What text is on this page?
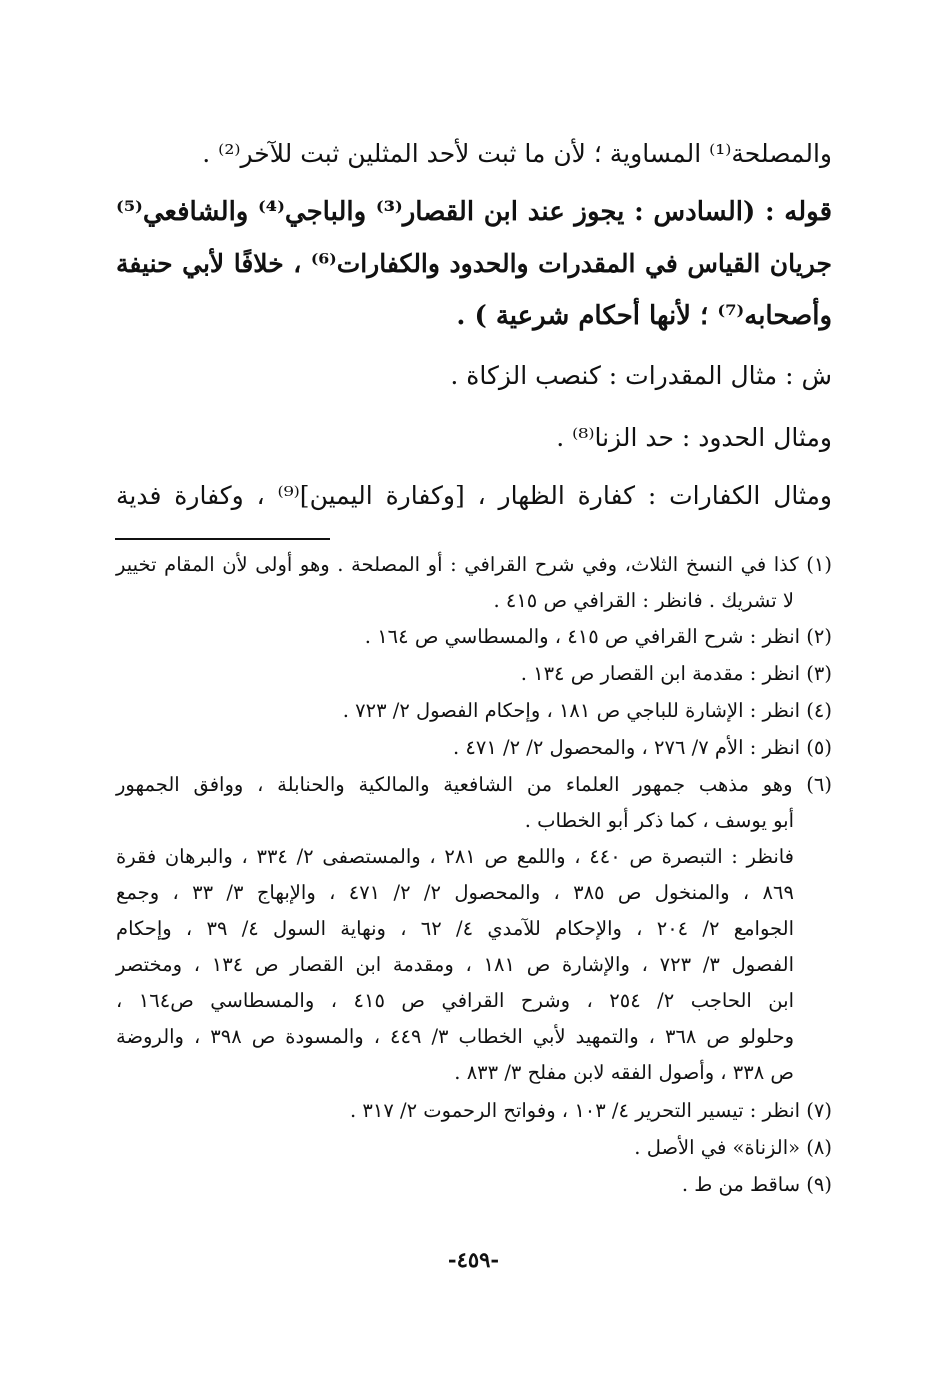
والمصلحة⁽¹⁾ المساوية ؛ لأن ما ثبت لأحد المثلين ثبت للآخر⁽²⁾ .
قوله : (السادس : يجوز عند ابن القصار⁽³⁾ والباجي⁽⁴⁾ والشافعي⁽⁵⁾
جريان القياس في المقدرات والحدود والكفارات⁽⁶⁾ ، خلافًا لأبي حنيفة
وأصحابه⁽⁷⁾ ؛ لأنها أحكام شرعية ) .
ش : مثال المقدرات : كنصب الزكاة .
ومثال الحدود : حد الزنا⁽⁸⁾ .
ومثال الكفارات : كفارة الظهار ، [وكفارة اليمين]⁽⁹⁾ ، وكفارة فدية
(١) كذا في النسخ الثلاث، وفي شرح القرافي : أو المصلحة . وهو أولى لأن المقام تخيير
لا تشريك . فانظر : القرافي ص ٤١٥ .
(٢) انظر : شرح القرافي ص ٤١٥ ، والمسطاسي ص ١٦٤ .
(٣) انظر : مقدمة ابن القصار ص ١٣٤ .
(٤) انظر : الإشارة للباجي ص ١٨١ ، وإحكام الفصول ٢/ ٧٢٣ .
(٥) انظر : الأم ٧/ ٢٧٦ ، والمحصول ٢/ ٢/ ٤٧١ .
(٦) وهو مذهب جمهور العلماء من الشافعية والمالكية والحنابلة ، ووافق الجمهور
أبو يوسف ، كما ذكر أبو الخطاب .
فانظر : التبصرة ص ٤٤٠ ، واللمع ص ٢٨١ ، والمستصفى ٢/ ٣٣٤ ، والبرهان فقرة
٨٦٩ ، والمنخول ص ٣٨٥ ، والمحصول ٢/ ٢/ ٤٧١ ، والإبهاج ٣/ ٣٣ ، وجمع
الجوامع ٢/ ٢٠٤ ، والإحكام للآمدي ٤/ ٦٢ ، ونهاية السول ٤/ ٣٩ ، وإحكام
الفصول ٣/ ٧٢٣ ، والإشارة ص ١٨١ ، ومقدمة ابن القصار ص ١٣٤ ، ومختصر
ابن الحاجب ٢/ ٢٥٤ ، وشرح القرافي ص ٤١٥ ، والمسطاسي ص١٦٤ ،
وحلولو ص ٣٦٨ ، والتمهيد لأبي الخطاب ٣/ ٤٤٩ ، والمسودة ص ٣٩٨ ، والروضة
ص ٣٣٨ ، وأصول الفقه لابن مفلح ٣/ ٨٣٣ .
(٧) انظر : تيسير التحرير ٤/ ١٠٣ ، وفواتح الرحموت ٢/ ٣١٧ .
(٨) «الزناة» في الأصل .
(٩) ساقط من ط .
-٤٥٩-
